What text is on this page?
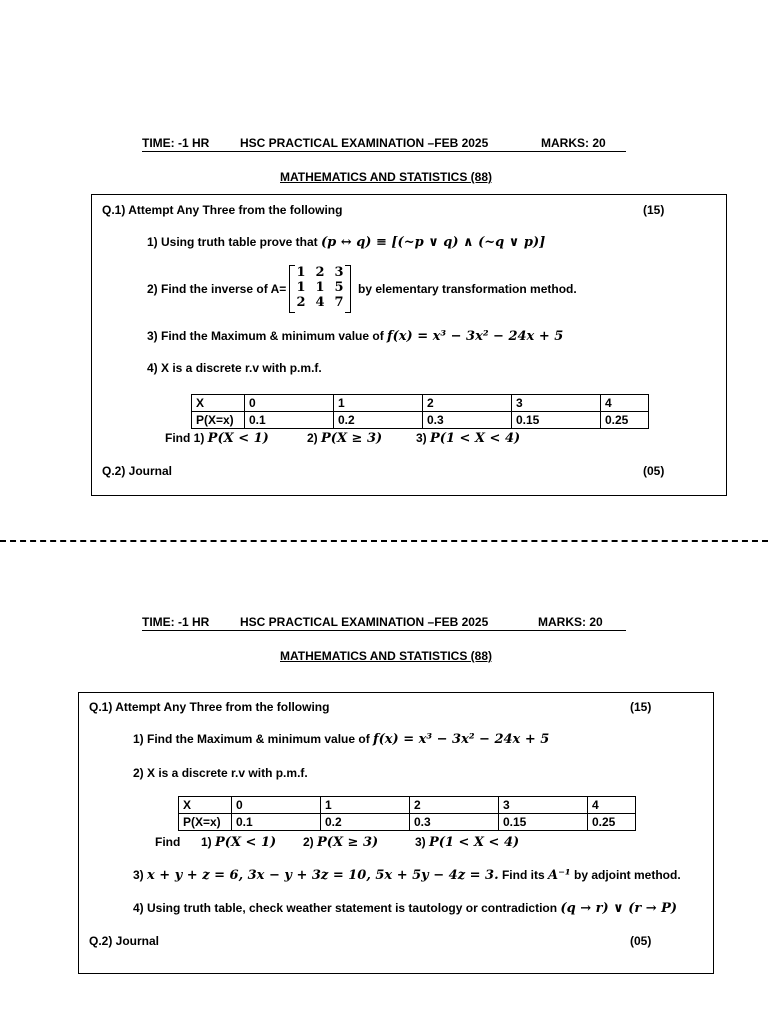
TIME: -1 HR	HSC PRACTICAL EXAMINATION –FEB 2025	MARKS: 20
MATHEMATICS AND STATISTICS (88)
Q.1) Attempt Any Three from the following	(15)
1) Using truth table prove that (p ↔ q) ≡ [(~p ∨ q) ∧ (~q ∨ p)]
2) Find the inverse of A=
1 2 3
1 1 5
2 4 7
by elementary transformation method.
3) Find the Maximum & minimum value of f(x) = x³ − 3x² − 24x + 5
4) X is a discrete r.v with p.m.f.
X	0	1	2	3	4
P(X=x)	0.1	0.2	0.3	0.15	0.25
Find 1) P(X < 1)	2) P(X ≥ 3)	3) P(1 < X < 4)
Q.2) Journal	(05)
TIME: -1 HR	HSC PRACTICAL EXAMINATION –FEB 2025	MARKS: 20
MATHEMATICS AND STATISTICS (88)
Q.1) Attempt Any Three from the following	(15)
1) Find the Maximum & minimum value of f(x) = x³ − 3x² − 24x + 5
2) X is a discrete r.v with p.m.f.
X	0	1	2	3	4
P(X=x)	0.1	0.2	0.3	0.15	0.25
Find 1) P(X < 1) 2) P(X ≥ 3)	3) P(1 < X < 4)
3) x + y + z = 6, 3x − y + 3z = 10, 5x + 5y − 4z = 3. Find its A⁻¹ by adjoint method.
4) Using truth table, check weather statement is tautology or contradiction (q → r) ∨ (r → P)
Q.2) Journal	(05)
